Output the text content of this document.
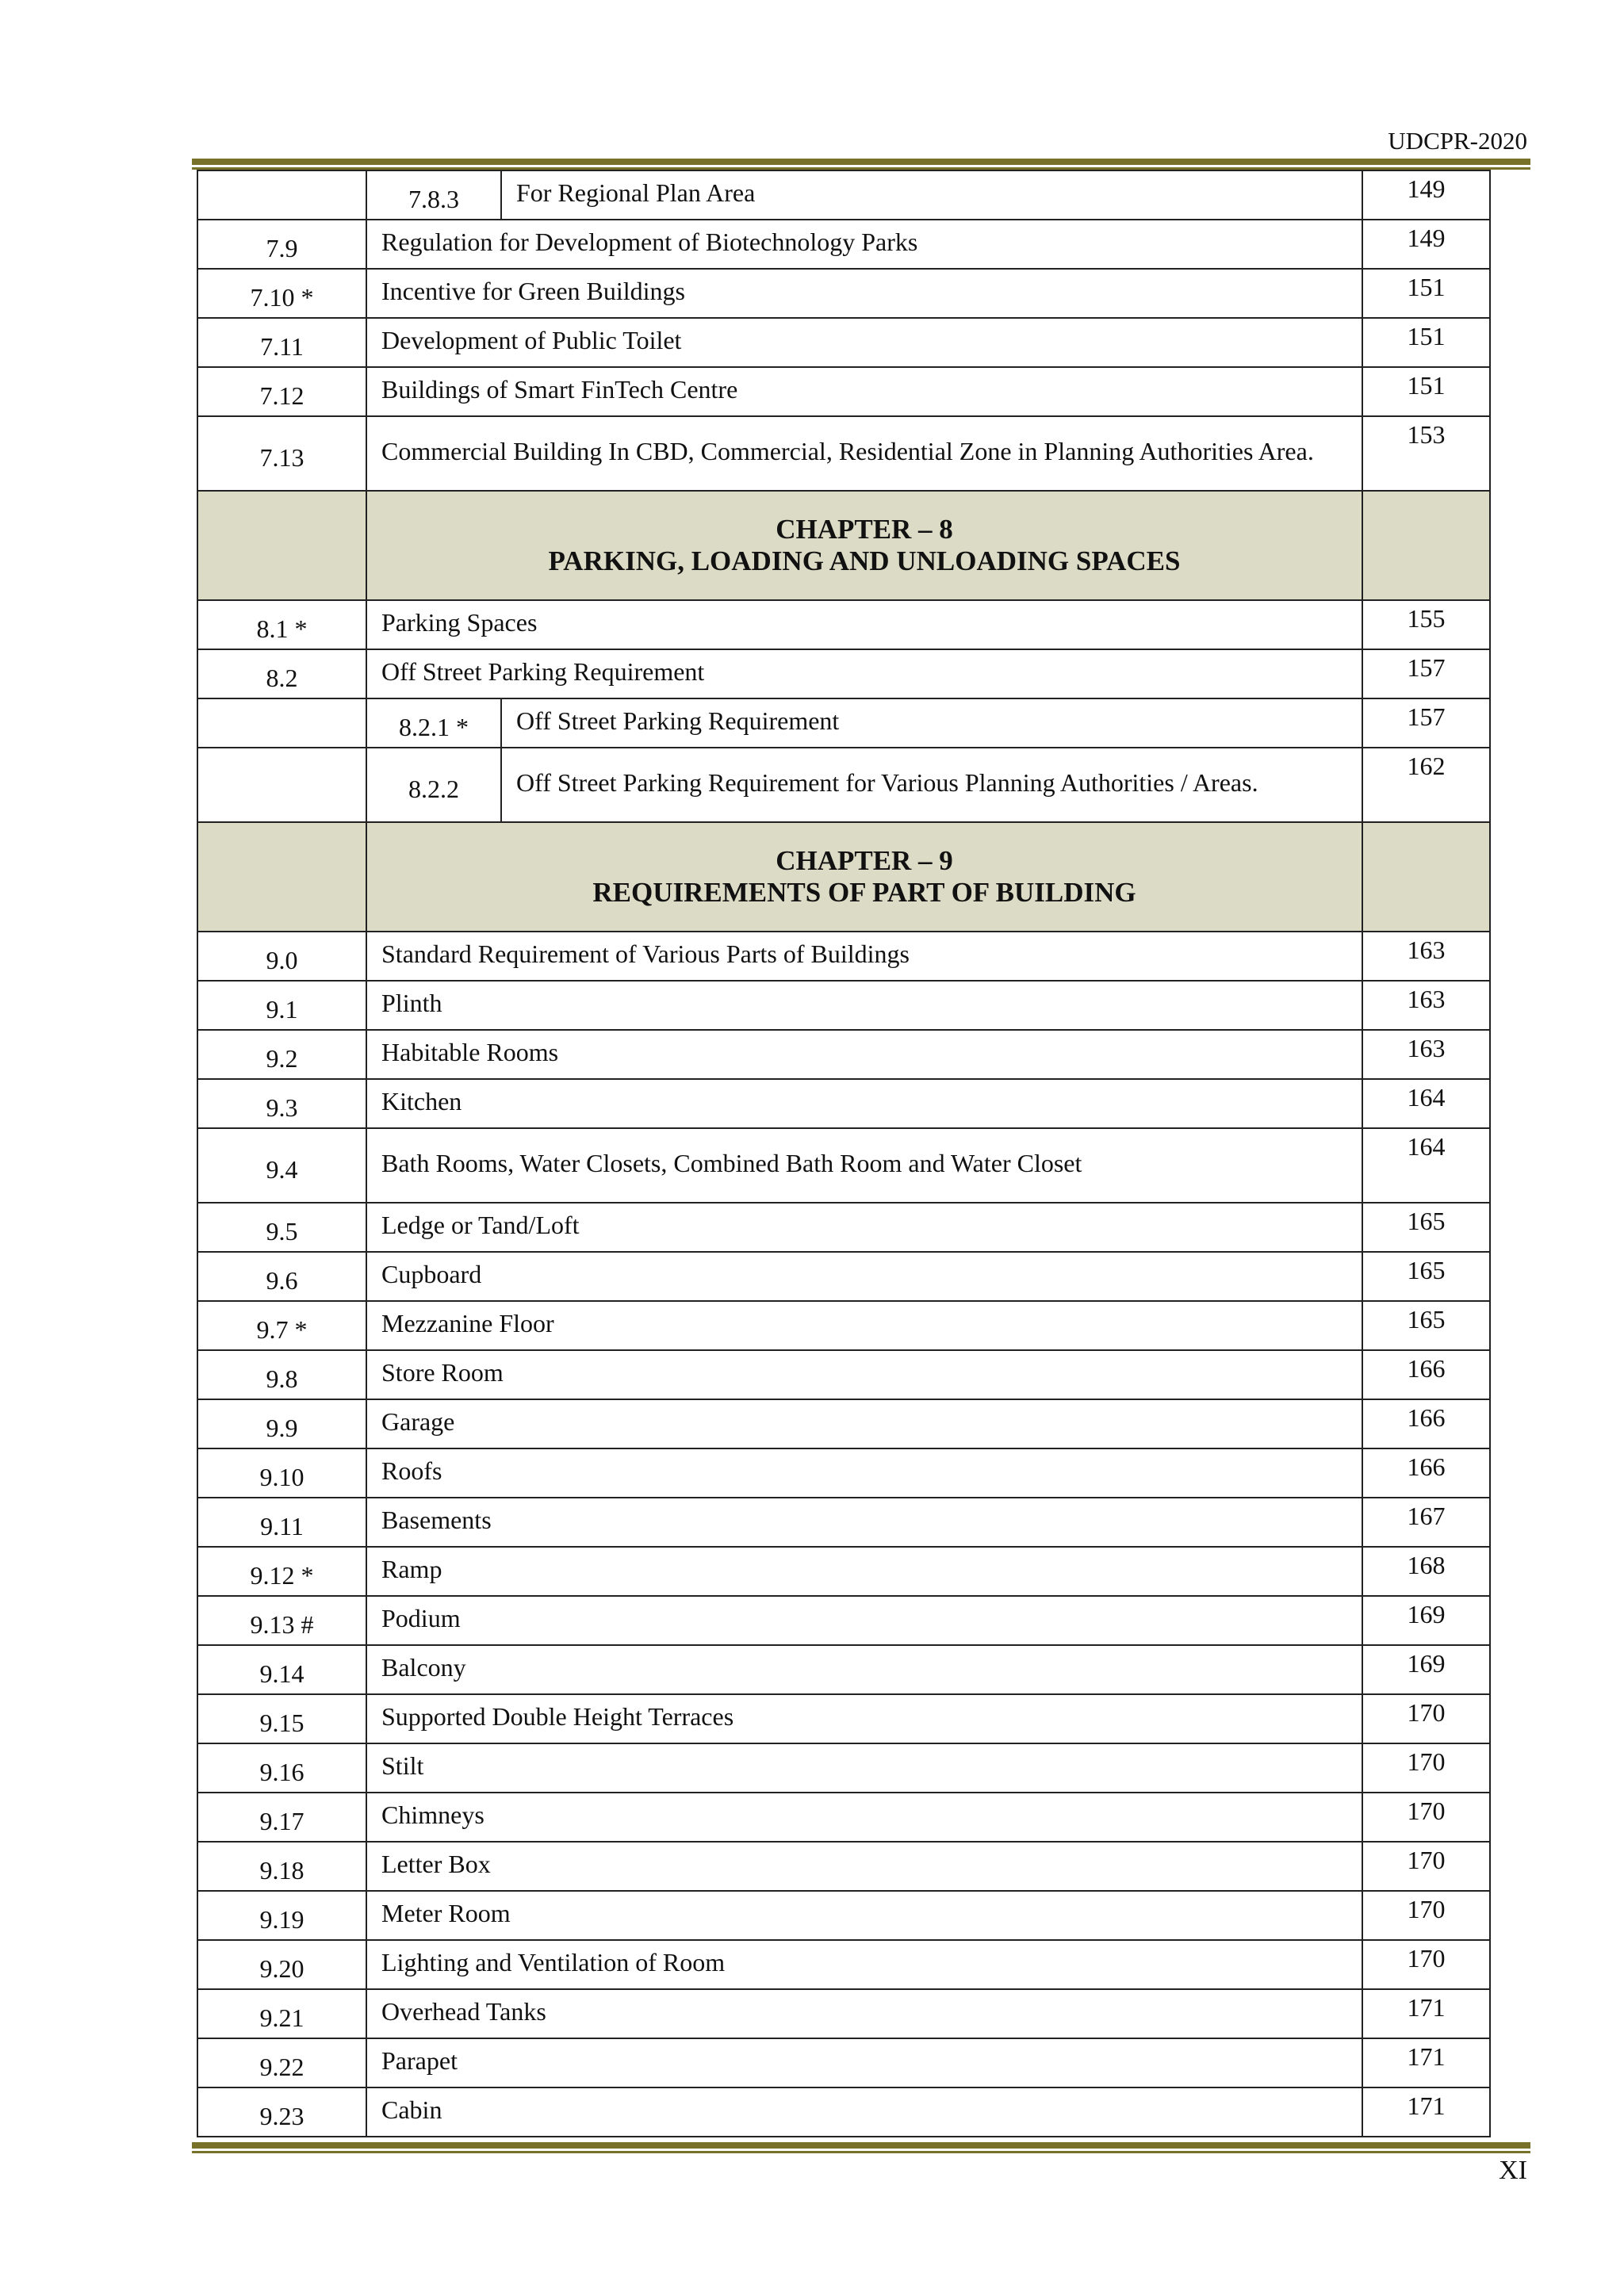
UDCPR-2020
	7.8.3	For Regional Plan Area	149
7.9	Regulation for Development of Biotechnology Parks		149
7.10 *	Incentive for Green Buildings		151
7.11	Development of Public Toilet		151
7.12	Buildings of Smart FinTech Centre		151
7.13	Commercial Building In CBD, Commercial, Residential Zone in Planning Authorities Area.		153

	CHAPTER – 8
PARKING, LOADING AND UNLOADING SPACES		

8.1 *	Parking Spaces		155
8.2	Off Street Parking Requirement		157
	8.2.1 *	Off Street Parking Requirement	157
	8.2.2	Off Street Parking Requirement for Various Planning Authorities / Areas.	162

	CHAPTER – 9
REQUIREMENTS OF PART OF BUILDING		

9.0	Standard Requirement of Various Parts of Buildings		163
9.1	Plinth		163
9.2	Habitable Rooms		163
9.3	Kitchen		164
9.4	Bath Rooms, Water Closets, Combined Bath Room and Water Closet		164
9.5	Ledge or Tand/Loft		165
9.6	Cupboard		165
9.7 *	Mezzanine Floor		165
9.8	Store Room		166
9.9	Garage		166
9.10	Roofs		166
9.11	Basements		167
9.12 *	Ramp		168
9.13 #	Podium		169
9.14	Balcony		169
9.15	Supported Double Height Terraces		170
9.16	Stilt		170
9.17	Chimneys		170
9.18	Letter Box		170
9.19	Meter Room		170
9.20	Lighting and Ventilation of Room		170
9.21	Overhead Tanks		171
9.22	Parapet		171
9.23	Cabin		171
XI
